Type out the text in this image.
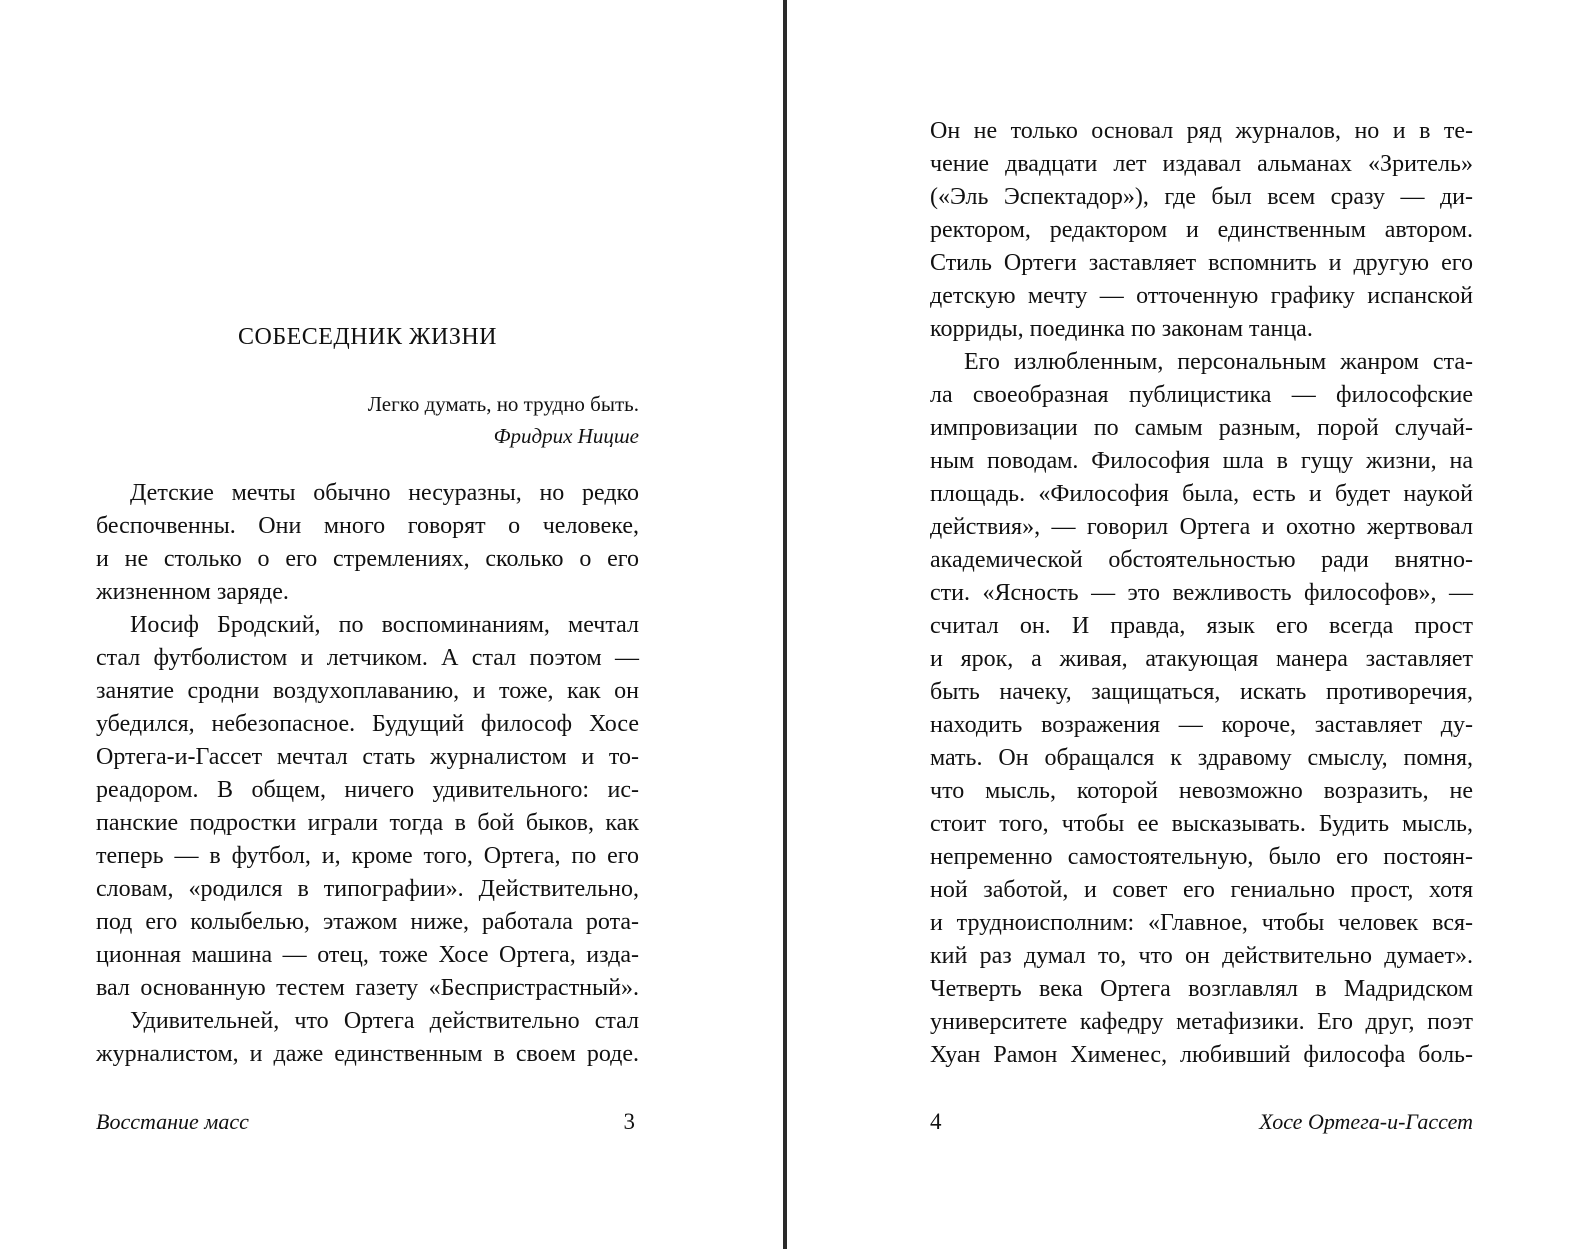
СОБЕСЕДНИК ЖИЗНИ
Легко думать, но трудно быть.
Фридрих Ницше
Детские мечты обычно несуразны, но редко
беспочвенны. Они много говорят о человеке,
и не столько о его стремлениях, сколько о его
жизненном заряде.
Иосиф Бродский, по воспоминаниям, мечтал
стал футболистом и летчиком. А стал поэтом —
занятие сродни воздухоплаванию, и тоже, как он
убедился, небезопасное. Будущий философ Хосе
Ортега-и-Гассет мечтал стать журналистом и то-
реадором. В общем, ничего удивительного: ис-
панские подростки играли тогда в бой быков, как
теперь — в футбол, и, кроме того, Ортега, по его
словам, «родился в типографии». Действительно,
под его колыбелью, этажом ниже, работала рота-
ционная машина — отец, тоже Хосе Ортега, изда-
вал основанную тестем газету «Беспристрастный».
Удивительней, что Ортега действительно стал
журналистом, и даже единственным в своем роде.
Восстание масс	3
Он не только основал ряд журналов, но и в те-
чение двадцати лет издавал альманах «Зритель»
(«Эль Эспектадор»), где был всем сразу — ди-
ректором, редактором и единственным автором.
Стиль Ортеги заставляет вспомнить и другую его
детскую мечту — отточенную графику испанской
корриды, поединка по законам танца.
Его излюбленным, персональным жанром ста-
ла своеобразная публицистика — философские
импровизации по самым разным, порой случай-
ным поводам. Философия шла в гущу жизни, на
площадь. «Философия была, есть и будет наукой
действия», — говорил Ортега и охотно жертвовал
академической обстоятельностью ради внятно-
сти. «Ясность — это вежливость философов», —
считал он. И правда, язык его всегда прост
и ярок, а живая, атакующая манера заставляет
быть начеку, защищаться, искать противоречия,
находить возражения — короче, заставляет ду-
мать. Он обращался к здравому смыслу, помня,
что мысль, которой невозможно возразить, не
стоит того, чтобы ее высказывать. Будить мысль,
непременно самостоятельную, было его постоян-
ной заботой, и совет его гениально прост, хотя
и трудноисполним: «Главное, чтобы человек вся-
кий раз думал то, что он действительно думает».
Четверть века Ортега возглавлял в Мадридском
университете кафедру метафизики. Его друг, поэт
Хуан Рамон Хименес, любивший философа боль-
4	Хосе Ортега-и-Гассет
